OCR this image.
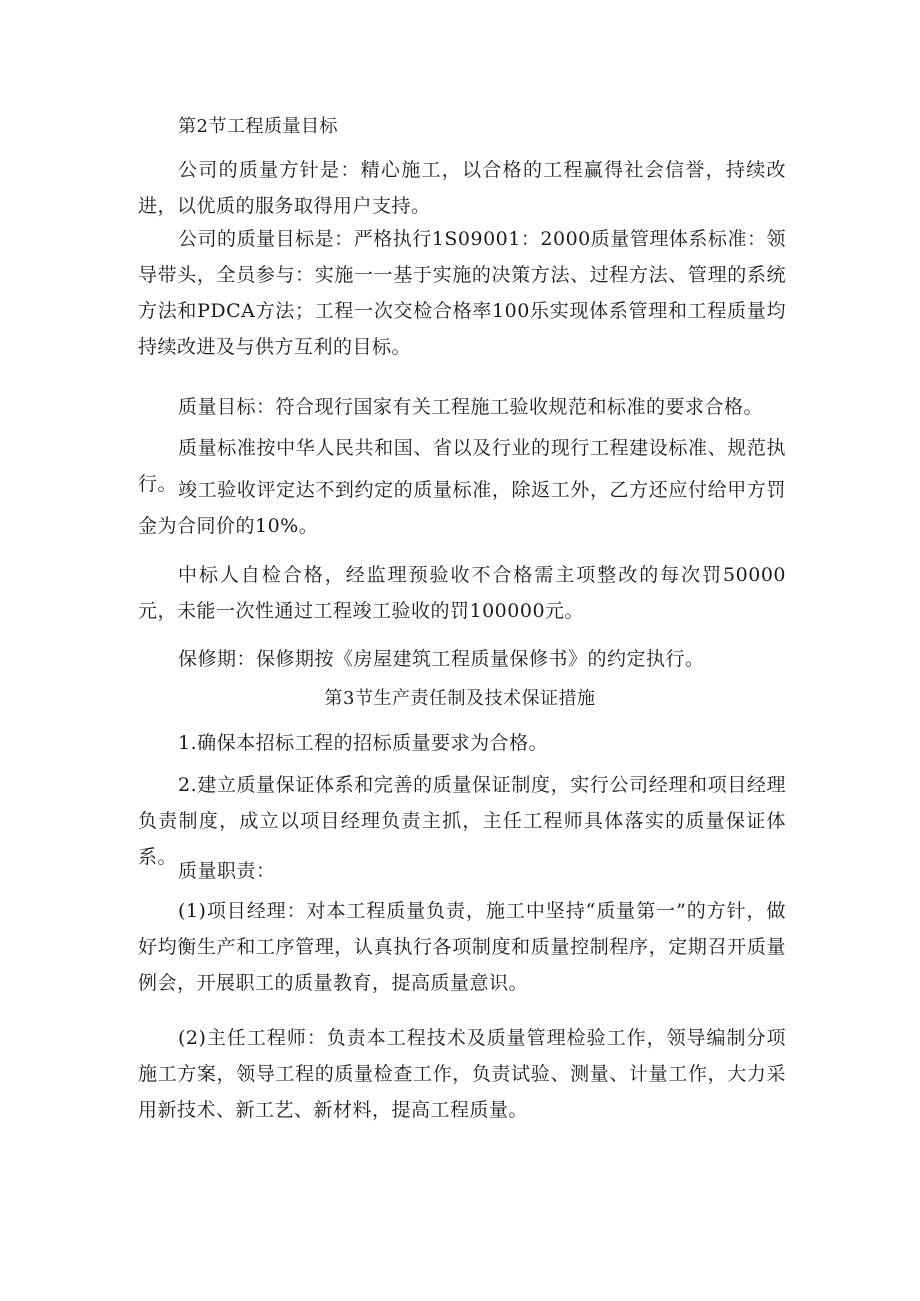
第2节工程质量目标

公司的质量方针是：精心施工，以合格的工程赢得社会信誉，持续改进，以优质的服务取得用户支持。

公司的质量目标是：严格执行1S09001：2000质量管理体系标准：领导带头，全员参与：实施一一基于实施的决策方法、过程方法、管理的系统方法和PDCA方法；工程一次交检合格率100乐实现体系管理和工程质量均持续改进及与供方互利的目标。

质量目标：符合现行国家有关工程施工验收规范和标准的要求合格。

质量标准按中华人民共和国、省以及行业的现行工程建设标准、规范执行。 竣工验收评定达不到约定的质量标准，除返工外，乙方还应付给甲方罚金为合同价的10%。

中标人自检合格，经监理预验收不合格需主项整改的每次罚50000元，未能一次性通过工程竣工验收的罚100000元。

保修期：保修期按《房屋建筑工程质量保修书》的约定执行。

第3节生产责任制及技术保证措施

1.确保本招标工程的招标质量要求为合格。

2.建立质量保证体系和完善的质量保证制度，实行公司经理和项目经理负责制度，成立以项目经理负责主抓，主任工程师具体落实的质量保证体系。

质量职责：

(1)项目经理：对本工程质量负责，施工中坚持“质量第一”的方针，做好均衡生产和工序管理，认真执行各项制度和质量控制程序，定期召开质量例会，开展职工的质量教育，提高质量意识。

(2)主任工程师：负责本工程技术及质量管理检验工作，领导编制分项施工方案，领导工程的质量检查工作，负责试验、测量、计量工作，大力采用新技术、新工艺、新材料，提高工程质量。
